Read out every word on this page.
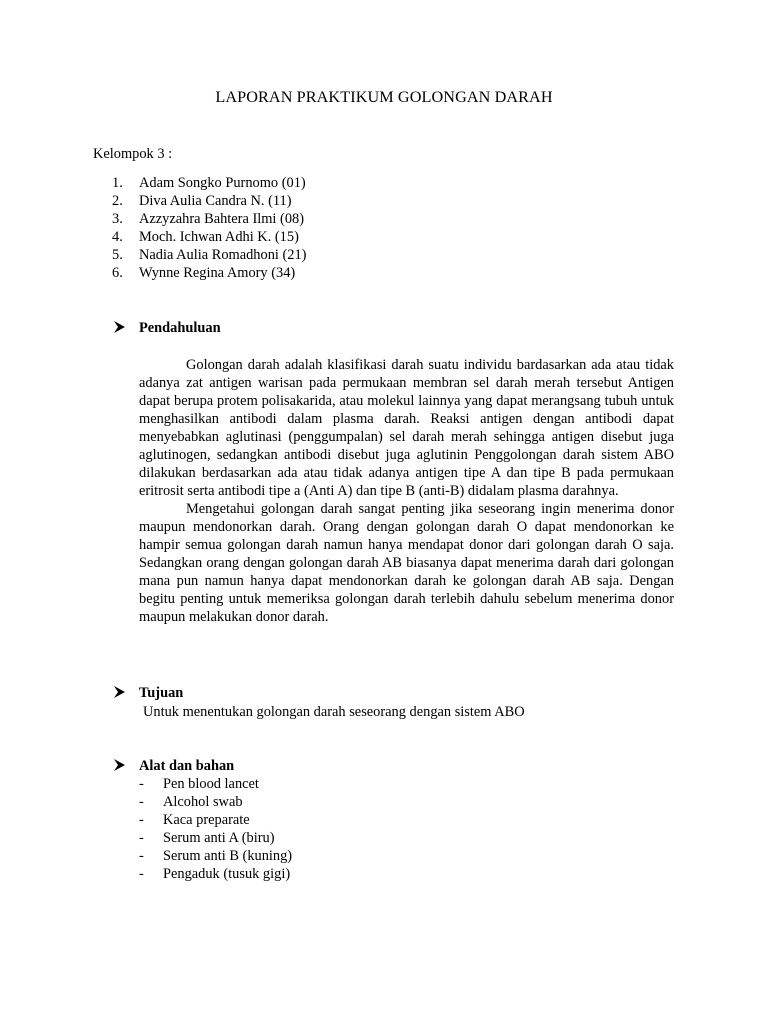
LAPORAN PRAKTIKUM GOLONGAN DARAH
Kelompok 3 :
1. Adam Songko Purnomo (01)
2. Diva Aulia Candra N. (11)
3. Azzyzahra Bahtera Ilmi (08)
4. Moch. Ichwan Adhi K. (15)
5. Nadia Aulia Romadhoni (21)
6. Wynne Regina Amory (34)
Pendahuluan

Golongan darah adalah klasifikasi darah suatu individu bardasarkan ada atau tidak adanya zat antigen warisan pada permukaan membran sel darah merah tersebut Antigen dapat berupa protem polisakarida, atau molekul lainnya yang dapat merangsang tubuh untuk menghasilkan antibodi dalam plasma darah. Reaksi antigen dengan antibodi dapat menyebabkan aglutinasi (penggumpalan) sel darah merah sehingga antigen disebut juga aglutinogen, sedangkan antibodi disebut juga aglutinin Penggolongan darah sistem ABO dilakukan berdasarkan ada atau tidak adanya antigen tipe A dan tipe B pada permukaan eritrosit serta antibodi tipe a (Anti A) dan tipe B (anti-B) didalam plasma darahnya.

Mengetahui golongan darah sangat penting jika seseorang ingin menerima donor maupun mendonorkan darah. Orang dengan golongan darah O dapat mendonorkan ke hampir semua golongan darah namun hanya mendapat donor dari golongan darah O saja. Sedangkan orang dengan golongan darah AB biasanya dapat menerima darah dari golongan mana pun namun hanya dapat mendonorkan darah ke golongan darah AB saja. Dengan begitu penting untuk memeriksa golongan darah terlebih dahulu sebelum menerima donor maupun melakukan donor darah.

Tujuan
Untuk menentukan golongan darah seseorang dengan sistem ABO
Alat dan bahan
- Pen blood lancet
- Alcohol swab
- Kaca preparate
- Serum anti A (biru)
- Serum anti B (kuning)
- Pengaduk (tusuk gigi)
